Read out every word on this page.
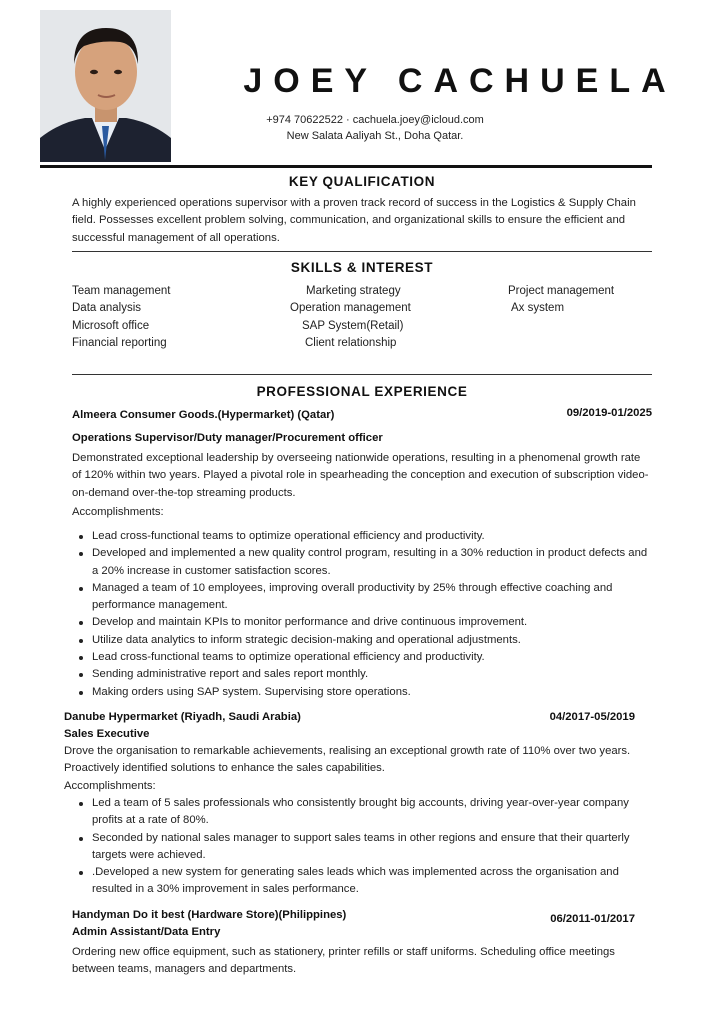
JOEY CACHUELA
+974 70622522 · cachuela.joey@icloud.com
New Salata Aaliyah St., Doha Qatar.
KEY QUALIFICATION
A highly experienced operations supervisor with a proven track record of success in the Logistics & Supply Chain field. Possesses excellent problem solving, communication, and organizational skills to ensure the efficient and successful management of all operations.
SKILLS & INTEREST
Team management	Marketing strategy	Project management
Data analysis	Operation management	Ax system
Microsoft office	SAP System(Retail)
Financial reporting	Client relationship
PROFESSIONAL EXPERIENCE
Almeera Consumer Goods.(Hypermarket) (Qatar)	09/2019-01/2025
Operations Supervisor/Duty manager/Procurement officer
Demonstrated exceptional leadership by overseeing nationwide operations, resulting in a phenomenal growth rate of 120% within two years. Played a pivotal role in spearheading the conception and execution of subscription video-on-demand over-the-top streaming products.
Accomplishments:
Lead cross-functional teams to optimize operational efficiency and productivity.
Developed and implemented a new quality control program, resulting in a 30% reduction in product defects and a 20% increase in customer satisfaction scores.
Managed a team of 10 employees, improving overall productivity by 25% through effective coaching and performance management.
Develop and maintain KPIs to monitor performance and drive continuous improvement.
Utilize data analytics to inform strategic decision-making and operational adjustments.
Lead cross-functional teams to optimize operational efficiency and productivity.
Sending administrative report and sales report monthly.
Making orders using SAP system. Supervising store operations.
Danube Hypermarket (Riyadh, Saudi Arabia)	04/2017-05/2019
Sales Executive
Drove the organisation to remarkable achievements, realising an exceptional growth rate of 110% over two years. Proactively identified solutions to enhance the sales capabilities.
Accomplishments:
Led a team of 5 sales professionals who consistently brought big accounts, driving year-over-year company profits at a rate of 80%.
Seconded by national sales manager to support sales teams in other regions and ensure that their quarterly targets were achieved.
.Developed a new system for generating sales leads which was implemented across the organisation and resulted in a 30% improvement in sales performance.
Handyman Do it best (Hardware Store)(Philippines)	06/2011-01/2017
Admin Assistant/Data Entry
Ordering new office equipment, such as stationery, printer refills or staff uniforms. Scheduling office meetings between teams, managers and departments.
